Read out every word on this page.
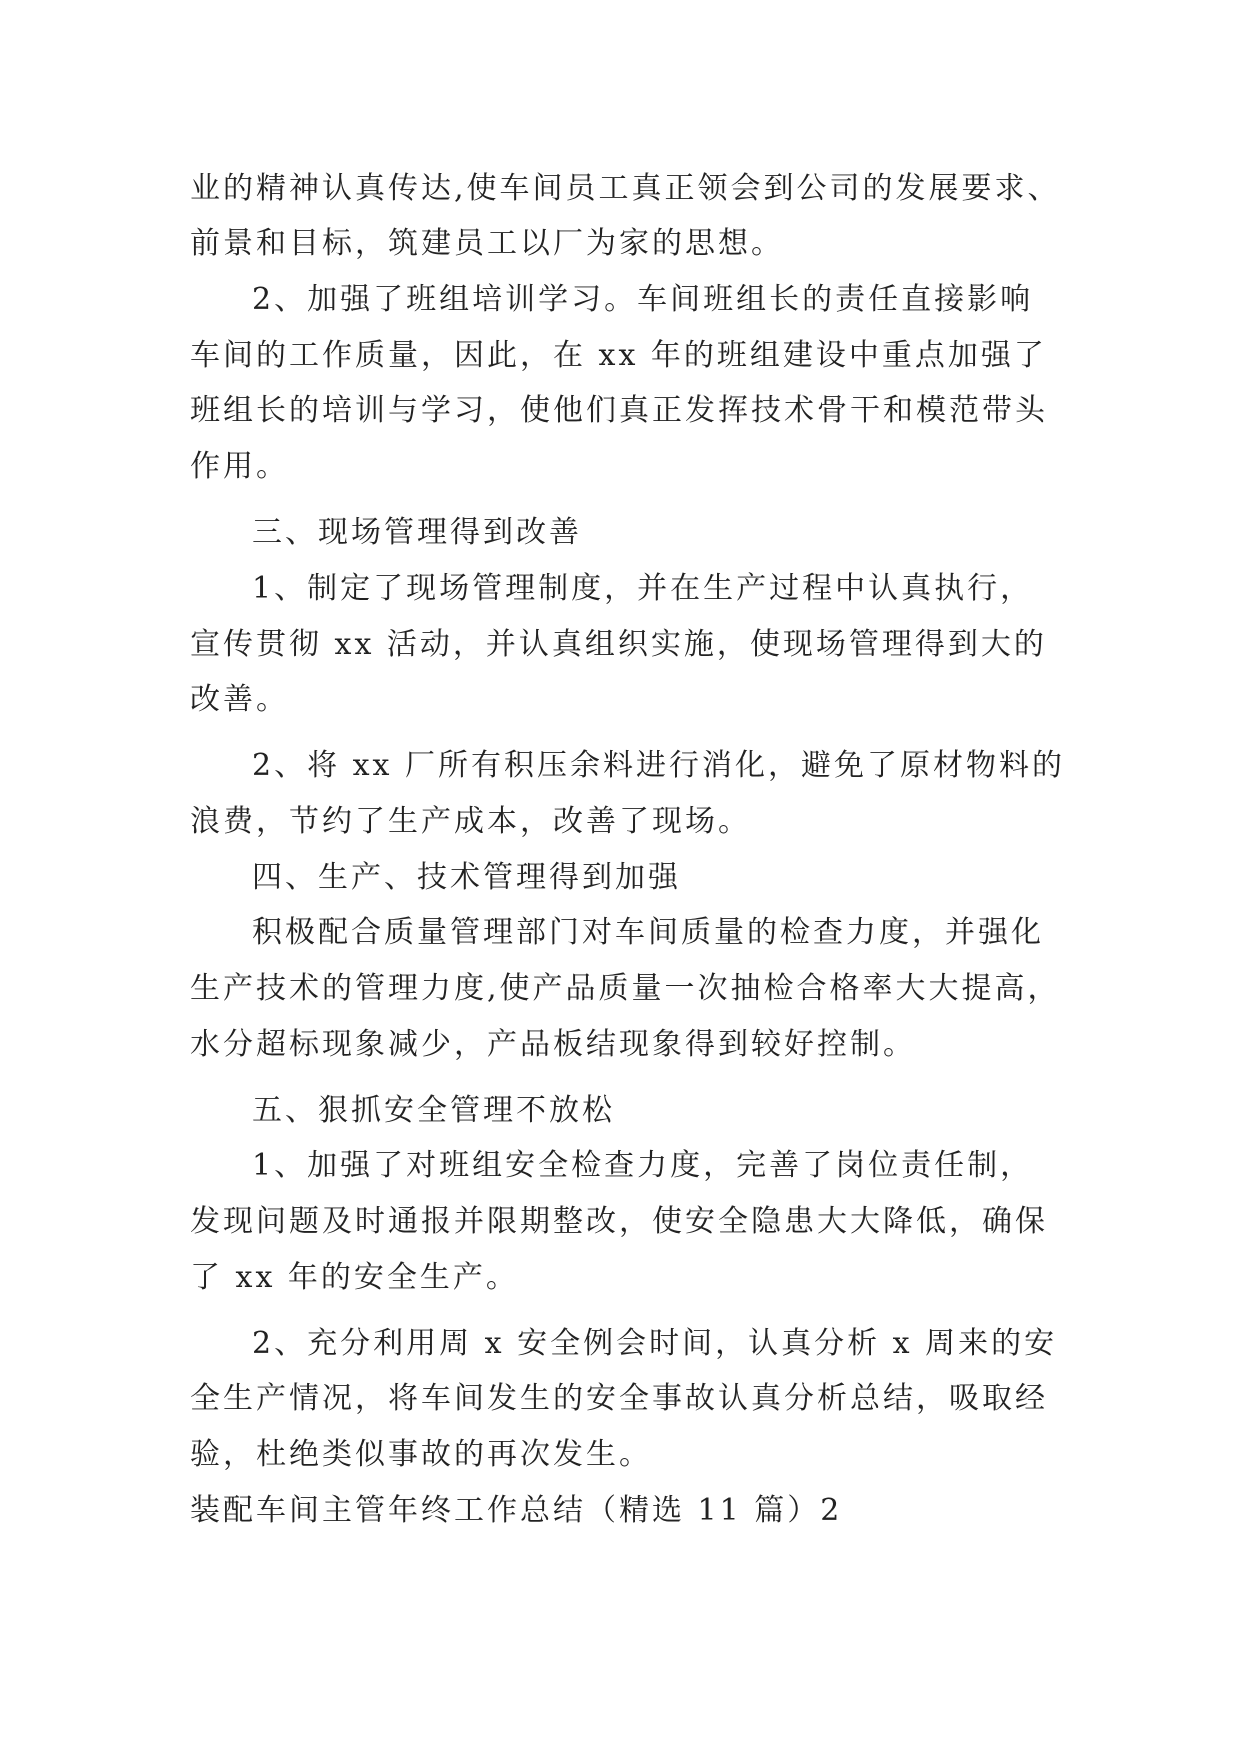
业的精神认真传达,使车间员工真正领会到公司的发展要求、
前景和目标，筑建员工以厂为家的思想。
2、加强了班组培训学习。车间班组长的责任直接影响
车间的工作质量，因此，在 xx 年的班组建设中重点加强了
班组长的培训与学习，使他们真正发挥技术骨干和模范带头
作用。
三、现场管理得到改善
1、制定了现场管理制度，并在生产过程中认真执行，
宣传贯彻 xx 活动，并认真组织实施，使现场管理得到大的
改善。
2、将 xx 厂所有积压余料进行消化，避免了原材物料的
浪费，节约了生产成本，改善了现场。
四、生产、技术管理得到加强
积极配合质量管理部门对车间质量的检查力度，并强化
生产技术的管理力度,使产品质量一次抽检合格率大大提高，
水分超标现象减少，产品板结现象得到较好控制。
五、狠抓安全管理不放松
1、加强了对班组安全检查力度，完善了岗位责任制，
发现问题及时通报并限期整改，使安全隐患大大降低，确保
了 xx 年的安全生产。
2、充分利用周 x 安全例会时间，认真分析 x 周来的安
全生产情况，将车间发生的安全事故认真分析总结，吸取经
验，杜绝类似事故的再次发生。
装配车间主管年终工作总结（精选 11 篇）2
